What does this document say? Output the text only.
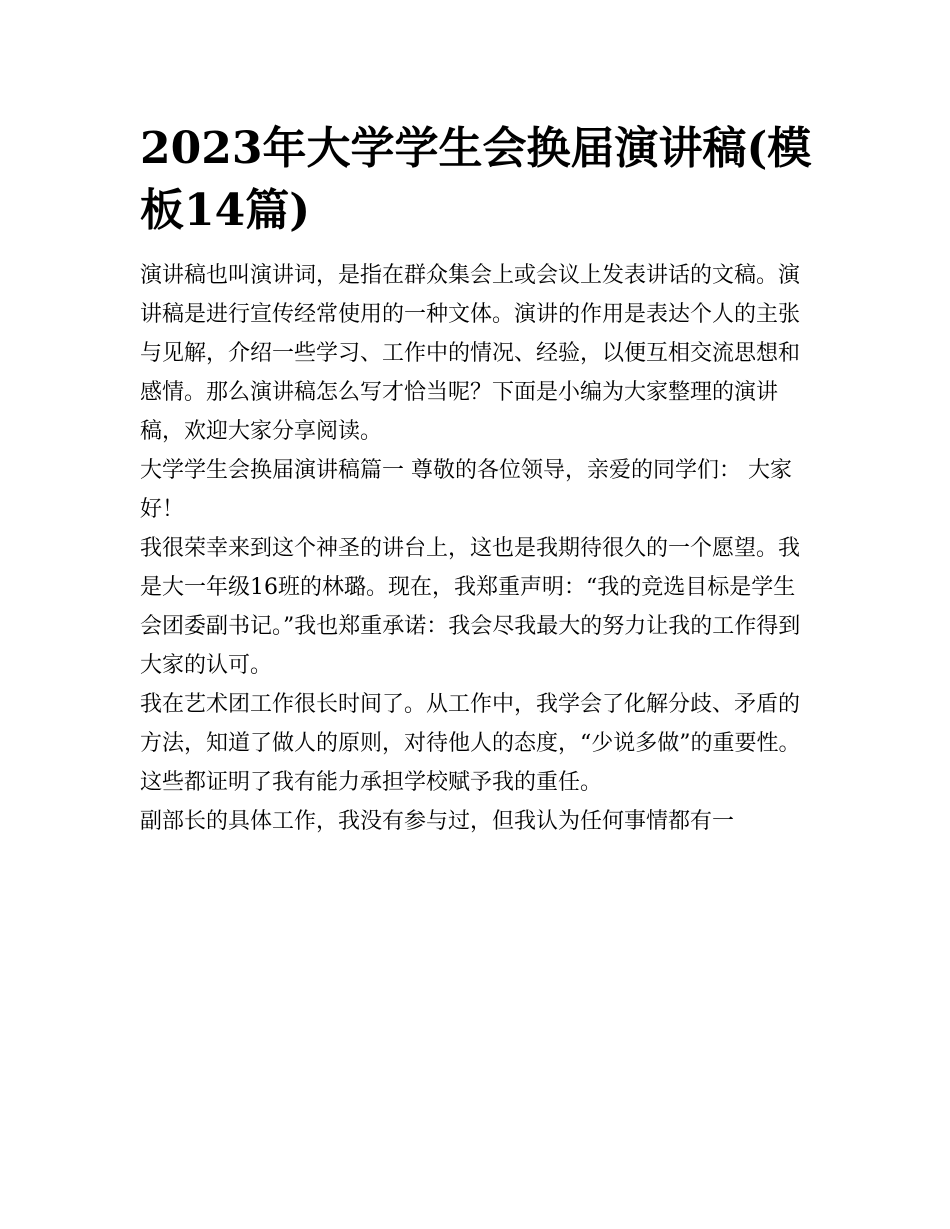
2023年大学学生会换届演讲稿(模板14篇)

演讲稿也叫演讲词，是指在群众集会上或会议上发表讲话的文稿。演讲稿是进行宣传经常使用的一种文体。演讲的作用是表达个人的主张与见解，介绍一些学习、工作中的情况、经验，以便互相交流思想和感情。那么演讲稿怎么写才恰当呢？下面是小编为大家整理的演讲稿，欢迎大家分享阅读。

大学学生会换届演讲稿篇一 尊敬的各位领导，亲爱的同学们： 大家好！

我很荣幸来到这个神圣的讲台上，这也是我期待很久的一个愿望。我是大一年级16班的林璐。现在，我郑重声明：“我的竞选目标是学生会团委副书记。”我也郑重承诺：我会尽我最大的努力让我的工作得到大家的认可。

我在艺术团工作很长时间了。从工作中，我学会了化解分歧、矛盾的方法，知道了做人的原则，对待他人的态度，“少说多做”的重要性。这些都证明了我有能力承担学校赋予我的重任。

副部长的具体工作，我没有参与过，但我认为任何事情都有一
